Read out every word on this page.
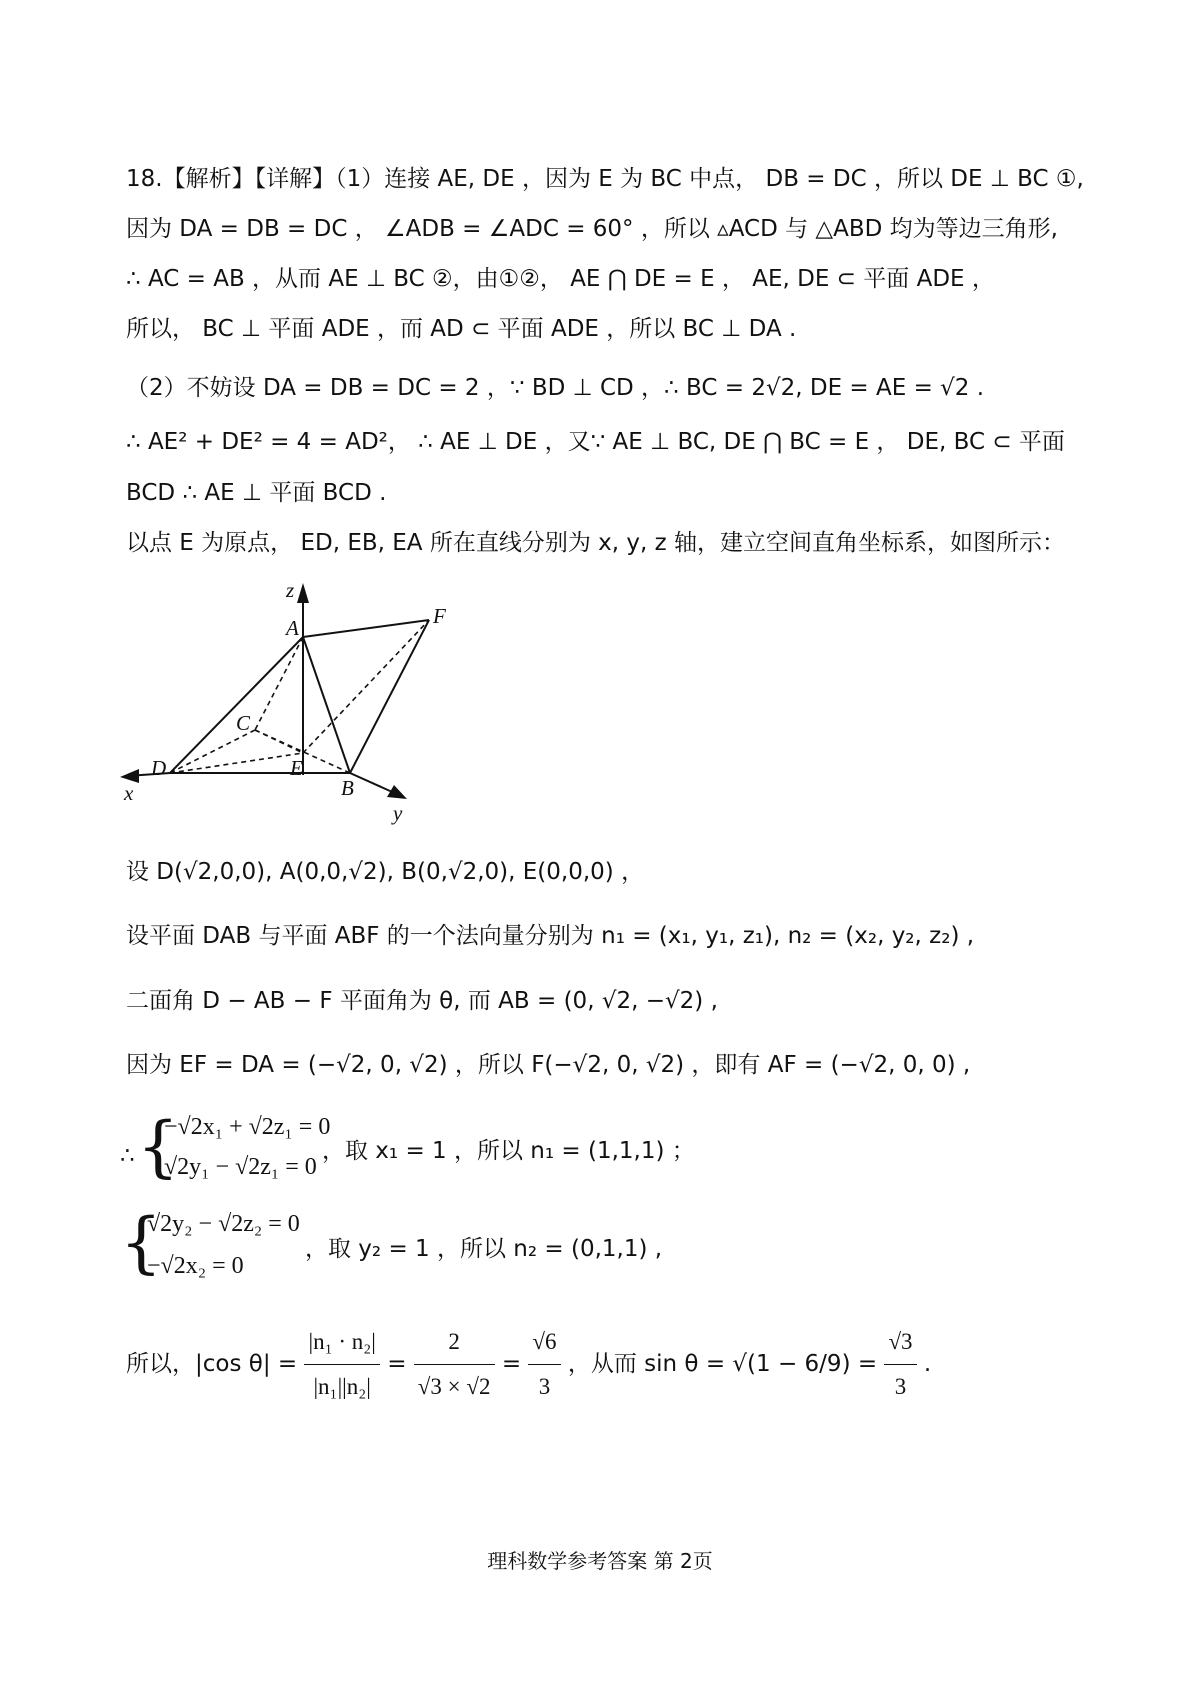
18.【解析】【详解】（1）连接 AE, DE ，因为 E 为 BC 中点， DB = DC ，所以 DE ⊥ BC ①,
因为 DA = DB = DC ， ∠ADB = ∠ADC = 60° ，所以 ▵ACD 与 △ABD 均为等边三角形,
∴ AC = AB ，从而 AE ⊥ BC ②，由①②， AE ⋂ DE = E ， AE, DE ⊂ 平面 ADE ，
所以， BC ⊥ 平面 ADE ，而 AD ⊂ 平面 ADE ，所以 BC ⊥ DA .
（2）不妨设 DA = DB = DC = 2 ，∵ BD ⊥ CD ，∴ BC = 2√2, DE = AE = √2 .
∴ AE² + DE² = 4 = AD²， ∴ AE ⊥ DE ，又∵ AE ⊥ BC, DE ⋂ BC = E ， DE, BC ⊂ 平面
BCD ∴ AE ⊥ 平面 BCD .
以点 E 为原点， ED, EB, EA 所在直线分别为 x, y, z 轴，建立空间直角坐标系，如图所示：
z
A	F
C
D	E
B
x
y
设 D(√2,0,0), A(0,0,√2), B(0,√2,0), E(0,0,0) ，
设平面 DAB 与平面 ABF 的一个法向量分别为 n₁ = (x₁, y₁, z₁), n₂ = (x₂, y₂, z₂) ,
二面角 D − AB − F 平面角为 θ, 而 AB = (0, √2, −√2) ,
因为 EF = DA = (−√2, 0, √2) ，所以 F(−√2, 0, √2) ，即有 AF = (−√2, 0, 0) ,
∴ {
−√2x₁ + √2z₁ = 0
√2y₁ − √2z₁ = 0
，取 x₁ = 1 ，所以 n₁ = (1,1,1) ；
{
√2y₂ − √2z₂ = 0
−√2x₂ = 0
，取 y₂ = 1 ，所以 n₂ = (0,1,1) ,
所以，|cos $\theta| = \frac{\text{|n₁ · n₂|}}{\text{|n₁||n₂|}} = \frac{2}{√3 \times √2} = \frac{√6}{3}$ ，从而 $\sin \theta = √(1 - 6/9) = \frac{√3}{3}$ .
理科数学参考答案 第 2页
